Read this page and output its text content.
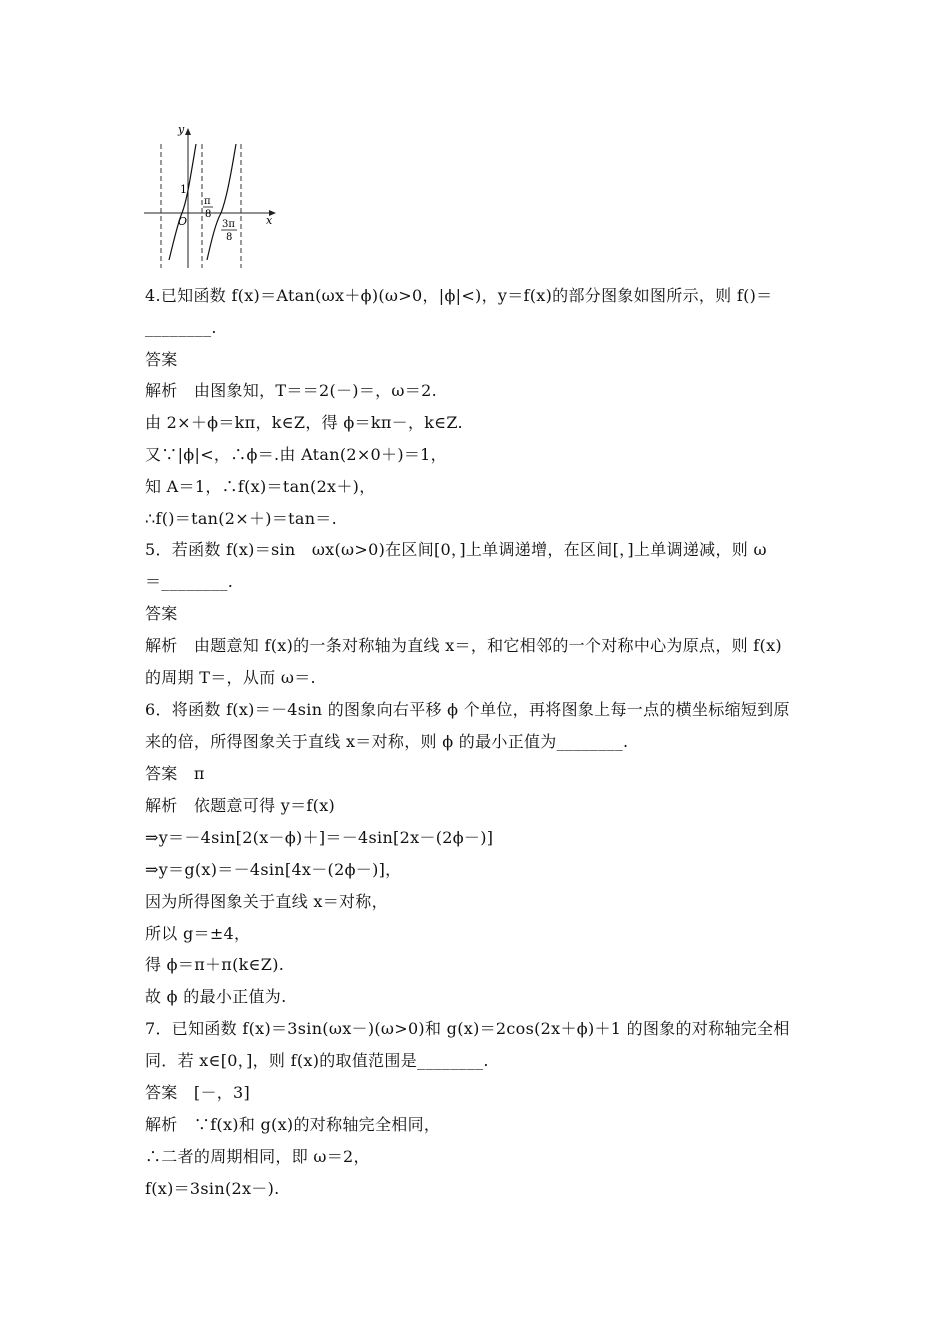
y
x
O
1
π
8
3π
8
4.已知函数 f(x)＝Atan(ωx＋ϕ)(ω>0，|ϕ|<)，y＝f(x)的部分图象如图所示，则 f()＝
________.
答案
解析　由图象知，T＝＝2(－)＝，ω＝2.
由 2×＋ϕ＝kπ，k∈Z，得 ϕ＝kπ－，k∈Z.
又∵|ϕ|<，∴ϕ＝.由 Atan(2×0＋)＝1，
知 A＝1，∴f(x)＝tan(2x＋)，
∴f()＝tan(2×＋)＝tan＝.
5．若函数 f(x)＝sin　ωx(ω>0)在区间[0，]上单调递增，在区间[，]上单调递减，则 ω
＝________.
答案
解析　由题意知 f(x)的一条对称轴为直线 x＝，和它相邻的一个对称中心为原点，则 f(x)
的周期 T＝，从而 ω＝.
6．将函数 f(x)＝－4sin 的图象向右平移 ϕ 个单位，再将图象上每一点的横坐标缩短到原
来的倍，所得图象关于直线 x＝对称，则 ϕ 的最小正值为________.
答案　π
解析　依题意可得 y＝f(x)
⇒y＝－4sin[2(x－ϕ)＋]＝－4sin[2x－(2ϕ－)]
⇒y＝g(x)＝－4sin[4x－(2ϕ－)]，
因为所得图象关于直线 x＝对称，
所以 g＝±4，
得 ϕ＝π＋π(k∈Z).
故 ϕ 的最小正值为.
7．已知函数 f(x)＝3sin(ωx－)(ω>0)和 g(x)＝2cos(2x＋ϕ)＋1 的图象的对称轴完全相
同．若 x∈[0，]，则 f(x)的取值范围是________.
答案　[－，3]
解析　∵f(x)和 g(x)的对称轴完全相同，
∴二者的周期相同，即 ω＝2，
f(x)＝3sin(2x－).
